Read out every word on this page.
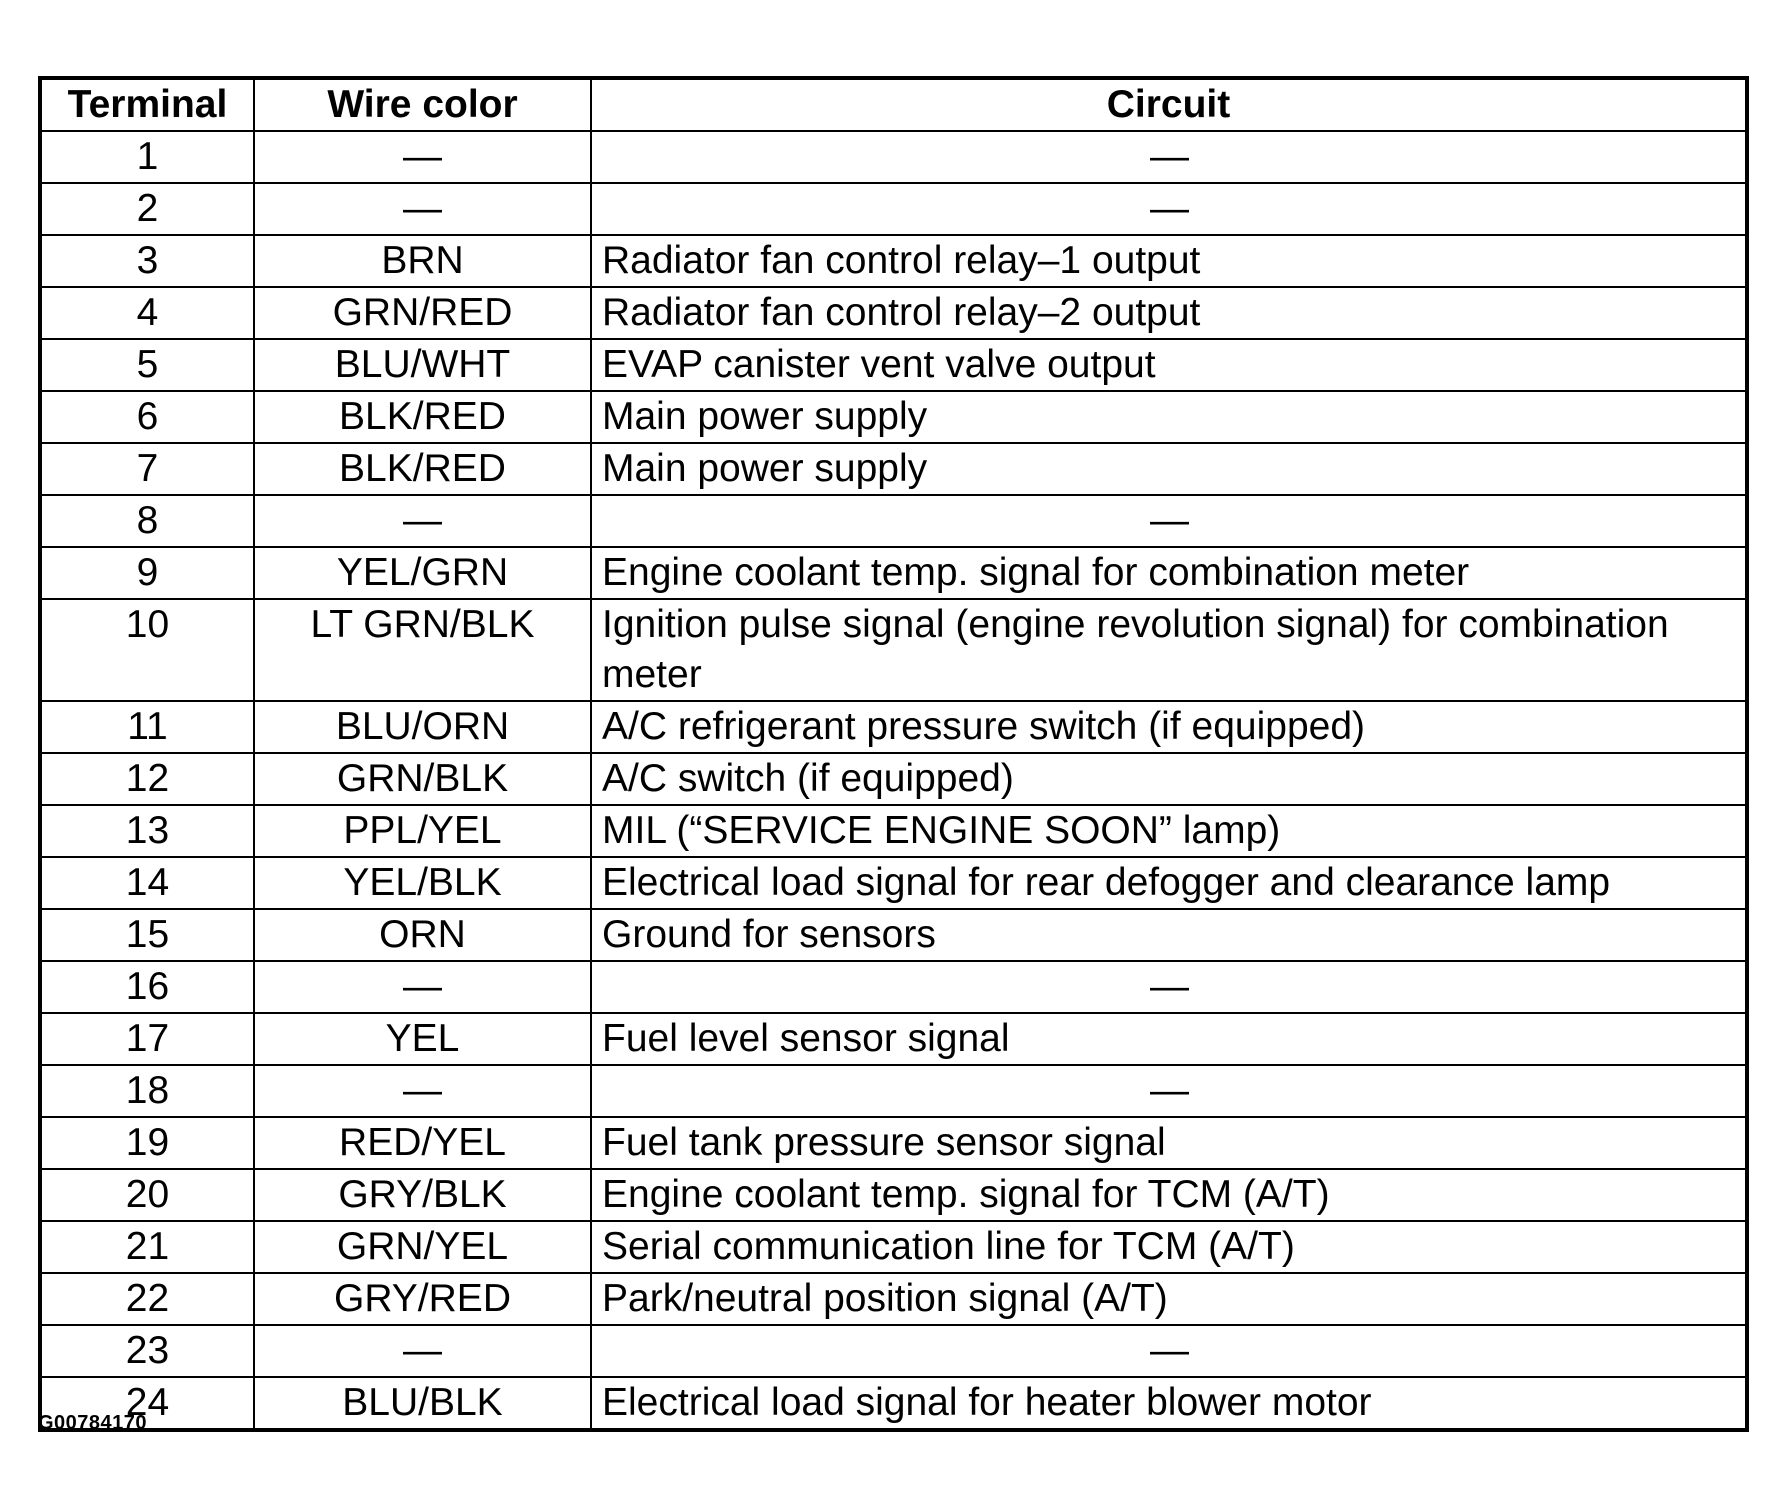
Terminal	Wire color	Circuit
1	—	—
2	—	—
3	BRN	Radiator fan control relay–1 output
4	GRN/RED	Radiator fan control relay–2 output
5	BLU/WHT	EVAP canister vent valve output
6	BLK/RED	Main power supply
7	BLK/RED	Main power supply
8	—	—
9	YEL/GRN	Engine coolant temp. signal for combination meter
10	LT GRN/BLK	Ignition pulse signal (engine revolution signal) for combination meter
11	BLU/ORN	A/C refrigerant pressure switch (if equipped)
12	GRN/BLK	A/C switch (if equipped)
13	PPL/YEL	MIL (“SERVICE ENGINE SOON” lamp)
14	YEL/BLK	Electrical load signal for rear defogger and clearance lamp
15	ORN	Ground for sensors
16	—	—
17	YEL	Fuel level sensor signal
18	—	—
19	RED/YEL	Fuel tank pressure sensor signal
20	GRY/BLK	Engine coolant temp. signal for TCM (A/T)
21	GRN/YEL	Serial communication line for TCM (A/T)
22	GRY/RED	Park/neutral position signal (A/T)
23	—	—
24	BLU/BLK	Electrical load signal for heater blower motor
G00784170
